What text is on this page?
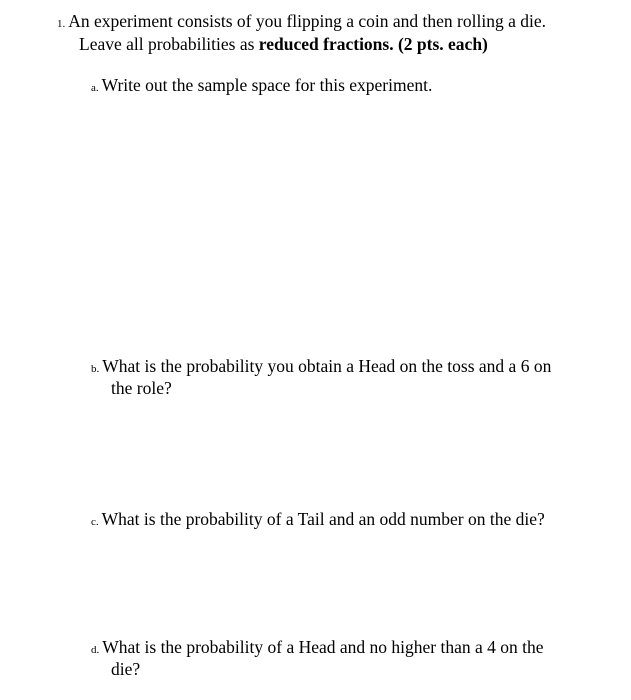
1. An experiment consists of you flipping a coin and then rolling a die.
Leave all probabilities as reduced fractions. (2 pts. each)
a. Write out the sample space for this experiment.
b. What is the probability you obtain a Head on the toss and a 6 on
the role?
c. What is the probability of a Tail and an odd number on the die?
d. What is the probability of a Head and no higher than a 4 on the
die?
